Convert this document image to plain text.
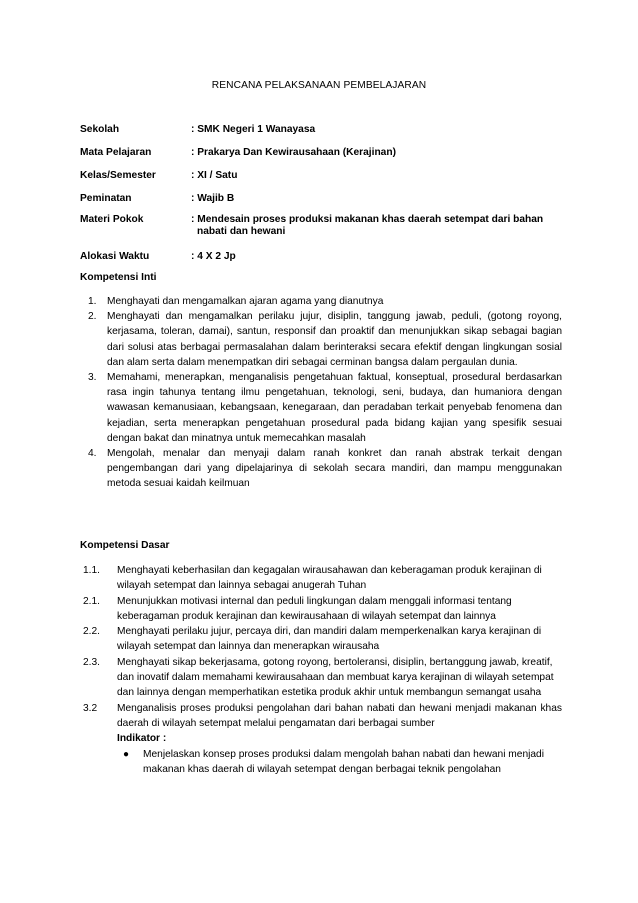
RENCANA PELAKSANAAN PEMBELAJARAN
Sekolah	: SMK Negeri 1 Wanayasa
Mata Pelajaran	: Prakarya Dan Kewirausahaan (Kerajinan)
Kelas/Semester	: XI / Satu
Peminatan	: Wajib B
Materi Pokok	: Mendesain proses produksi makanan khas daerah setempat dari bahan
nabati dan hewani
Alokasi Waktu	: 4 X 2 Jp
Kompetensi Inti
1. Menghayati dan mengamalkan ajaran agama yang dianutnya
2. Menghayati dan mengamalkan perilaku jujur, disiplin, tanggung jawab, peduli, (gotong royong, kerjasama, toleran, damai), santun, responsif dan proaktif dan menunjukkan sikap sebagai bagian dari solusi atas berbagai permasalahan dalam berinteraksi secara efektif dengan lingkungan sosial dan alam serta dalam menempatkan diri sebagai cerminan bangsa dalam pergaulan dunia.
3. Memahami, menerapkan, menganalisis pengetahuan faktual, konseptual, prosedural berdasarkan rasa ingin tahunya tentang ilmu pengetahuan, teknologi, seni, budaya, dan humaniora dengan wawasan kemanusiaan, kebangsaan, kenegaraan, dan peradaban terkait penyebab fenomena dan kejadian, serta menerapkan pengetahuan prosedural pada bidang kajian yang spesifik sesuai dengan bakat dan minatnya untuk memecahkan masalah
4. Mengolah, menalar dan menyaji dalam ranah konkret dan ranah abstrak terkait dengan pengembangan dari yang dipelajarinya di sekolah secara mandiri, dan mampu menggunakan metoda sesuai kaidah keilmuan
Kompetensi Dasar
1.1. Menghayati keberhasilan dan kegagalan wirausahawan dan keberagaman produk kerajinan di wilayah setempat dan lainnya sebagai anugerah Tuhan
2.1. Menunjukkan motivasi internal dan peduli lingkungan dalam menggali informasi tentang keberagaman produk kerajinan dan kewirausahaan di wilayah setempat dan lainnya
2.2. Menghayati perilaku jujur, percaya diri, dan mandiri dalam memperkenalkan karya kerajinan di wilayah setempat dan lainnya dan menerapkan wirausaha
2.3. Menghayati sikap bekerjasama, gotong royong, bertoleransi, disiplin, bertanggung jawab, kreatif, dan inovatif dalam memahami kewirausahaan dan membuat karya kerajinan di wilayah setempat dan lainnya dengan memperhatikan estetika produk akhir untuk membangun semangat usaha
3.2 Menganalisis proses produksi pengolahan dari bahan nabati dan hewani menjadi makanan khas daerah di wilayah setempat melalui pengamatan dari berbagai sumber
Indikator :
● Menjelaskan konsep proses produksi dalam mengolah bahan nabati dan hewani menjadi makanan khas daerah di wilayah setempat dengan berbagai teknik pengolahan
